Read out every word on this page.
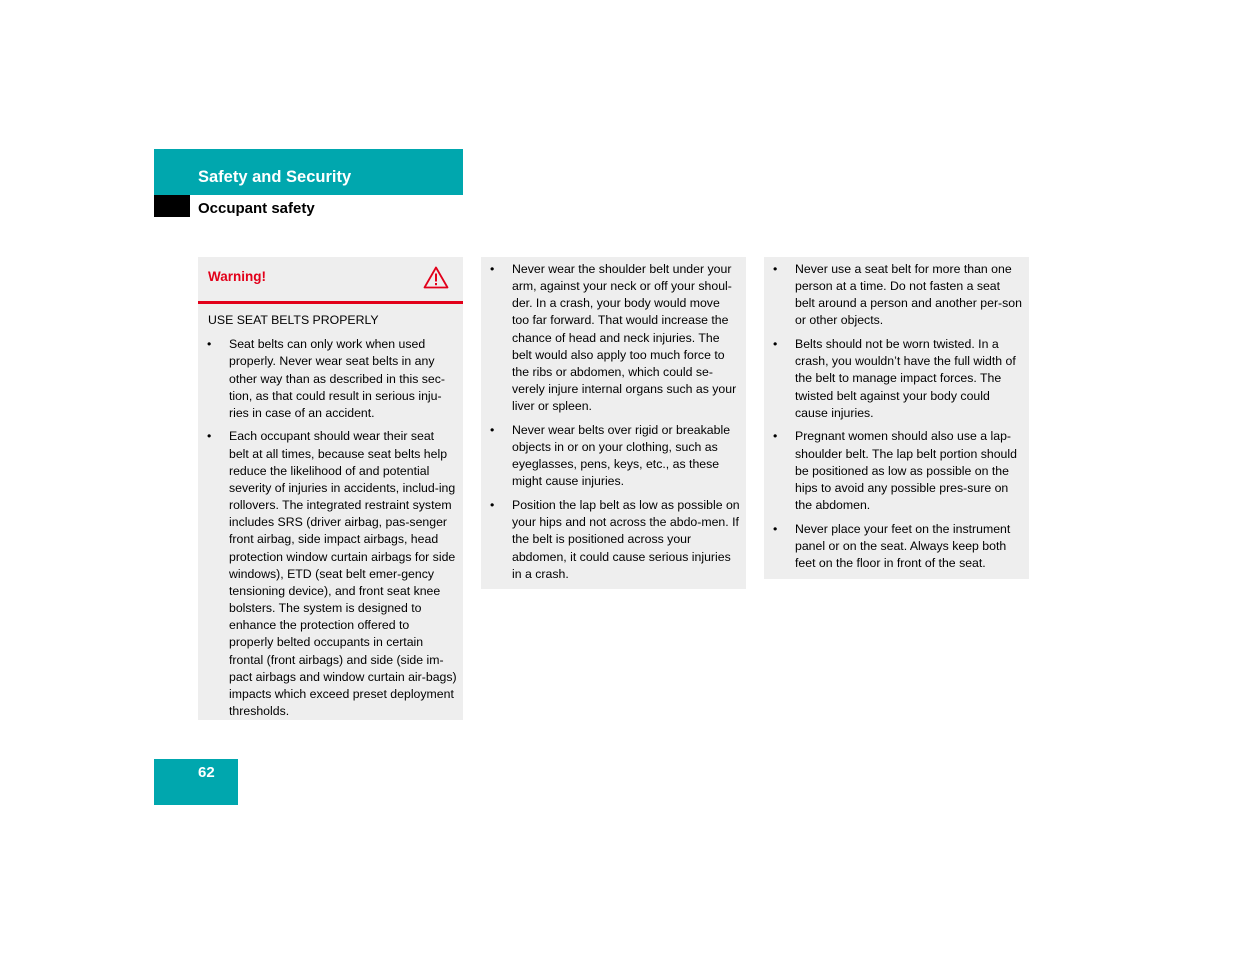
Safety and Security
Occupant safety
Warning!
USE SEAT BELTS PROPERLY
• Seat belts can only work when used properly. Never wear seat belts in any other way than as described in this sec-tion, as that could result in serious inju-ries in case of an accident.
• Each occupant should wear their seat belt at all times, because seat belts help reduce the likelihood of and potential severity of injuries in accidents, includ-ing rollovers. The integrated restraint system includes SRS (driver airbag, pas-senger front airbag, side impact airbags, head protection window curtain airbags for side windows), ETD (seat belt emer-gency tensioning device), and front seat knee bolsters. The system is designed to enhance the protection offered to properly belted occupants in certain frontal (front airbags) and side (side im-pact airbags and window curtain air-bags) impacts which exceed preset deployment thresholds.
• Never wear the shoulder belt under your arm, against your neck or off your shoul-der. In a crash, your body would move too far forward. That would increase the chance of head and neck injuries. The belt would also apply too much force to the ribs or abdomen, which could se-verely injure internal organs such as your liver or spleen.
• Never wear belts over rigid or breakable objects in or on your clothing, such as eyeglasses, pens, keys, etc., as these might cause injuries.
• Position the lap belt as low as possible on your hips and not across the abdo-men. If the belt is positioned across your abdomen, it could cause serious injuries in a crash.
• Never use a seat belt for more than one person at a time. Do not fasten a seat belt around a person and another per-son or other objects.
• Belts should not be worn twisted. In a crash, you wouldn’t have the full width of the belt to manage impact forces. The twisted belt against your body could cause injuries.
• Pregnant women should also use a lap-shoulder belt. The lap belt portion should be positioned as low as possible on the hips to avoid any possible pres-sure on the abdomen.
• Never place your feet on the instrument panel or on the seat. Always keep both feet on the floor in front of the seat.
62
